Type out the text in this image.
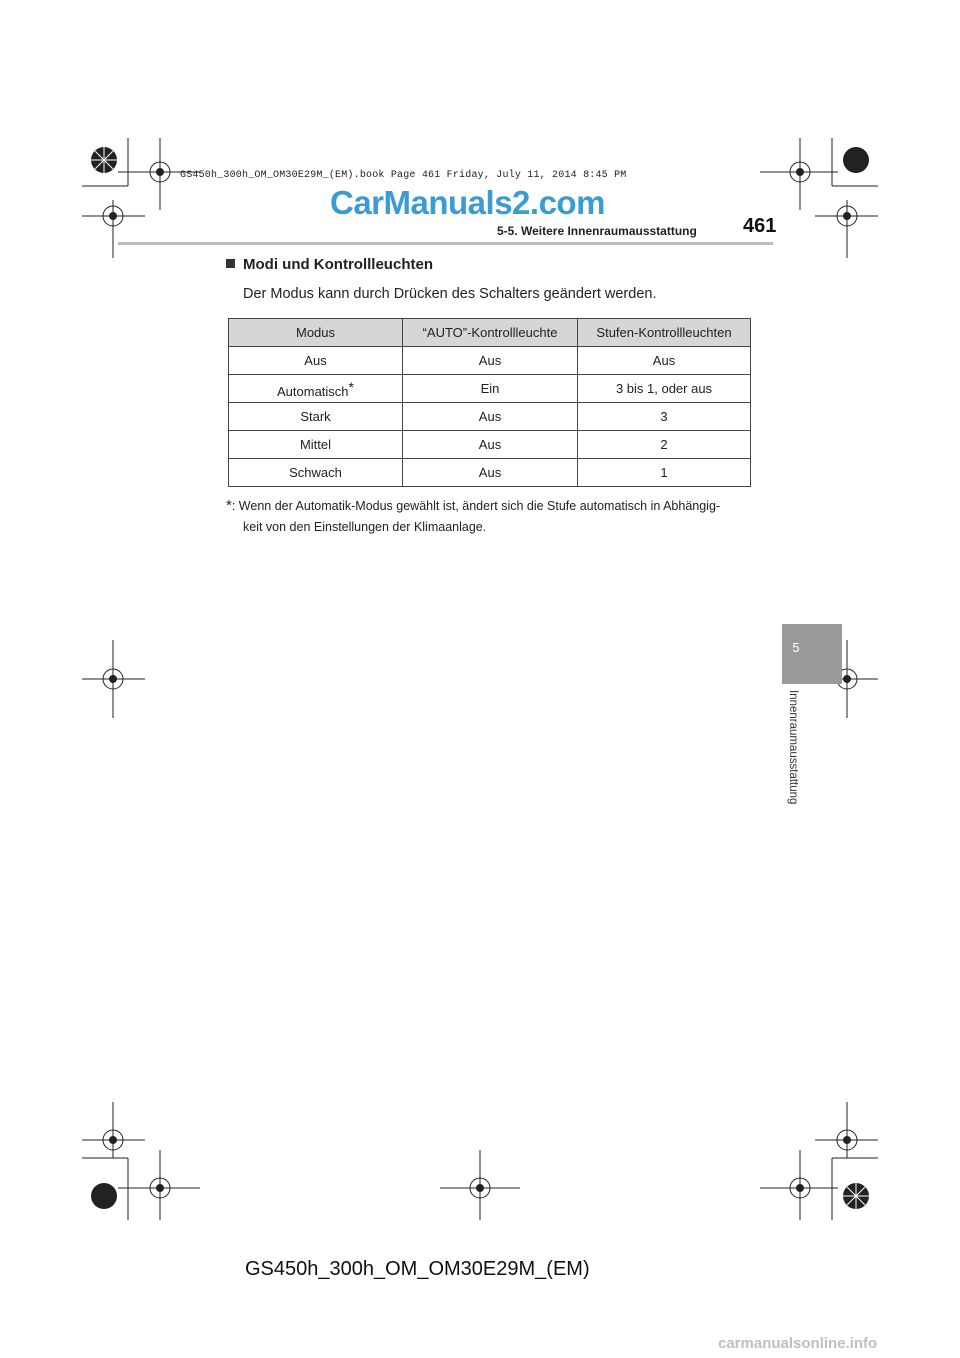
GS450h_300h_OM_OM30E29M_(EM).book Page 461 Friday, July 11, 2014 8:45 PM
CarManuals2.com
5-5. Weitere Innenraumausstattung 461
Modi und Kontrollleuchten
Der Modus kann durch Drücken des Schalters geändert werden.
Modus	“AUTO”-Kontrollleuchte	Stufen-Kontrollleuchten
Aus	Aus	Aus
Automatisch*	Ein	3 bis 1, oder aus
Stark	Aus	3
Mittel	Aus	2
Schwach	Aus	1
*: Wenn der Automatik-Modus gewählt ist, ändert sich die Stufe automatisch in Abhängig-
keit von den Einstellungen der Klimaanlage.
5
Innenraumausstattung
GS450h_300h_OM_OM30E29M_(EM)
carmanualsonline.info
